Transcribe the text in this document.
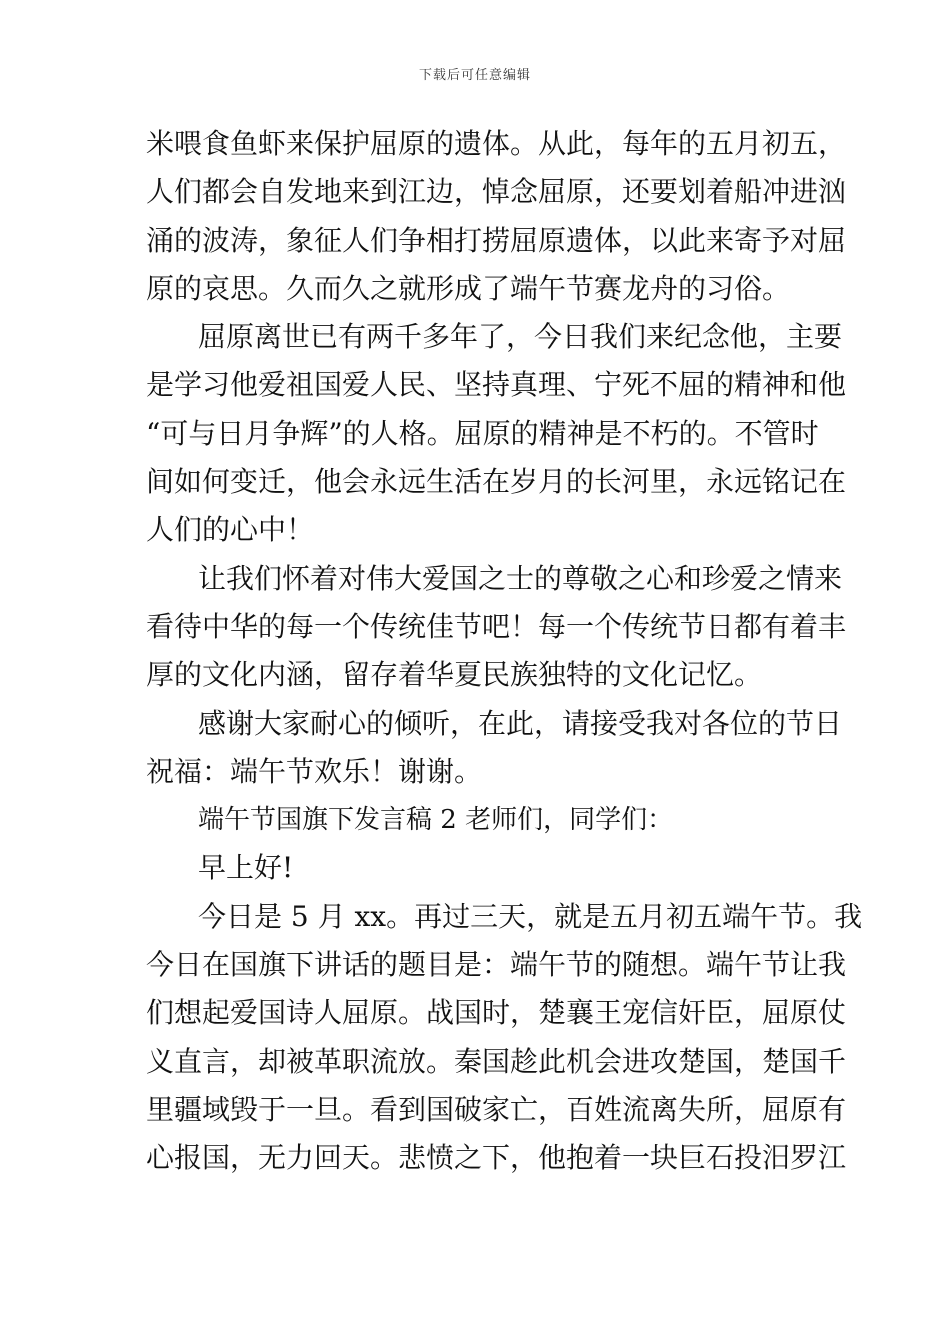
下载后可任意编辑
米喂食鱼虾来保护屈原的遗体。从此，每年的五月初五，
人们都会自发地来到江边，悼念屈原，还要划着船冲进汹
涌的波涛，象征人们争相打捞屈原遗体，以此来寄予对屈
原的哀思。久而久之就形成了端午节赛龙舟的习俗。
屈原离世已有两千多年了，今日我们来纪念他，主要
是学习他爱祖国爱人民、坚持真理、宁死不屈的精神和他
“可与日月争辉”的人格。屈原的精神是不朽的。不管时
间如何变迁，他会永远生活在岁月的长河里，永远铭记在
人们的心中！
让我们怀着对伟大爱国之士的尊敬之心和珍爱之情来
看待中华的每一个传统佳节吧！每一个传统节日都有着丰
厚的文化内涵，留存着华夏民族独特的文化记忆。
感谢大家耐心的倾听，在此，请接受我对各位的节日
祝福：端午节欢乐！谢谢。
端午节国旗下发言稿 2 老师们，同学们：
早上好!
今日是 5 月 xx。再过三天，就是五月初五端午节。我
今日在国旗下讲话的题目是：端午节的随想。端午节让我
们想起爱国诗人屈原。战国时，楚襄王宠信奸臣，屈原仗
义直言，却被革职流放。秦国趁此机会进攻楚国，楚国千
里疆域毁于一旦。看到国破家亡，百姓流离失所，屈原有
心报国，无力回天。悲愤之下，他抱着一块巨石投汨罗江
